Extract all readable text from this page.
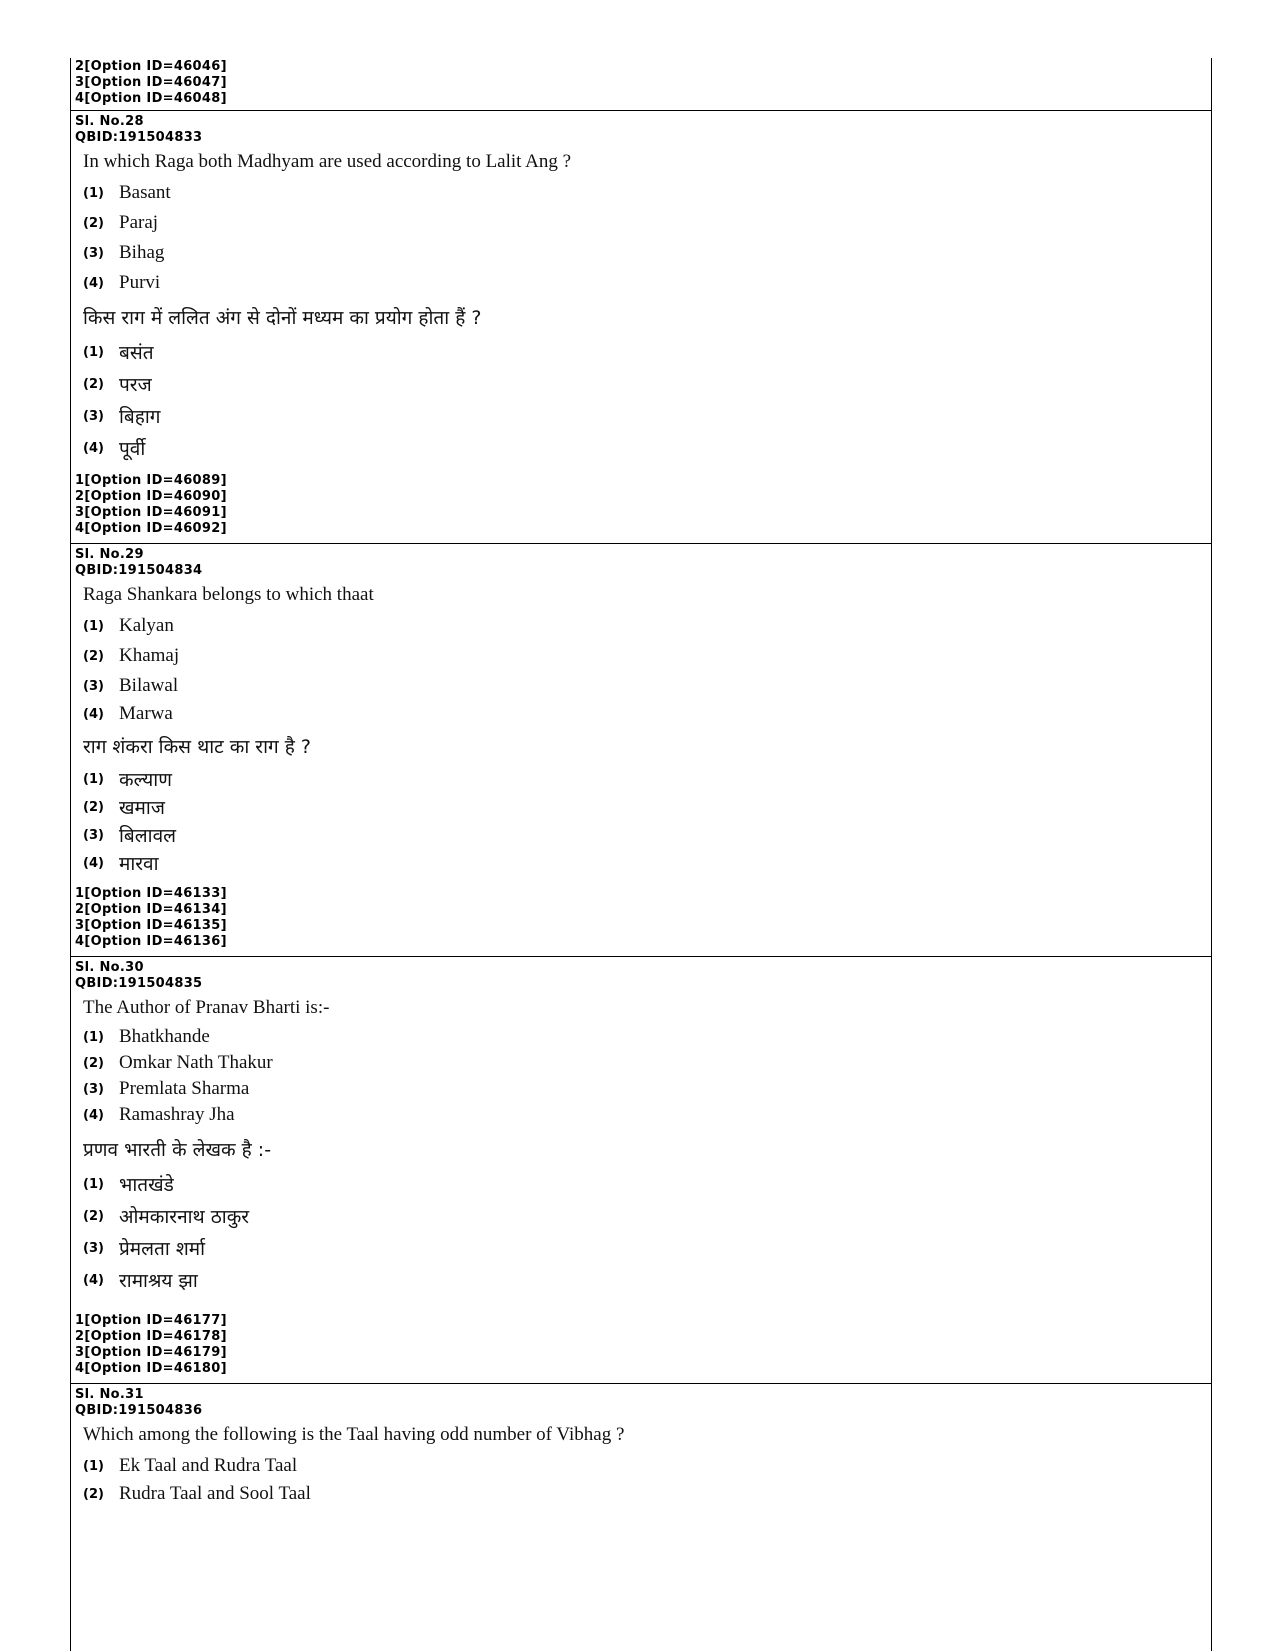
2[Option ID=46046]
3[Option ID=46047]
4[Option ID=46048]
Sl. No.28
QBID:191504833
In which Raga both Madhyam are used according to Lalit Ang ?
(1) Basant
(2) Paraj
(3) Bihag
(4) Purvi
किस राग में ललित अंग से दोनों मध्यम का प्रयोग होता हैं ?
(1) बसंत
(2) परज
(3) बिहाग
(4) पूर्वी
1[Option ID=46089]
2[Option ID=46090]
3[Option ID=46091]
4[Option ID=46092]
Sl. No.29
QBID:191504834
Raga Shankara belongs to which thaat
(1) Kalyan
(2) Khamaj
(3) Bilawal
(4) Marwa
राग शंकरा किस थाट का राग है ?
(1) कल्याण
(2) खमाज
(3) बिलावल
(4) मारवा
1[Option ID=46133]
2[Option ID=46134]
3[Option ID=46135]
4[Option ID=46136]
Sl. No.30
QBID:191504835
The Author of Pranav Bharti is:-
(1) Bhatkhande
(2) Omkar Nath Thakur
(3) Premlata Sharma
(4) Ramashray Jha
प्रणव भारती के लेखक है :-
(1) भातखंडे
(2) ओमकारनाथ ठाकुर
(3) प्रेमलता शर्मा
(4) रामाश्रय झा
1[Option ID=46177]
2[Option ID=46178]
3[Option ID=46179]
4[Option ID=46180]
Sl. No.31
QBID:191504836
Which among the following is the Taal having odd number of Vibhag ?
(1) Ek Taal and Rudra Taal
(2) Rudra Taal and Sool Taal
